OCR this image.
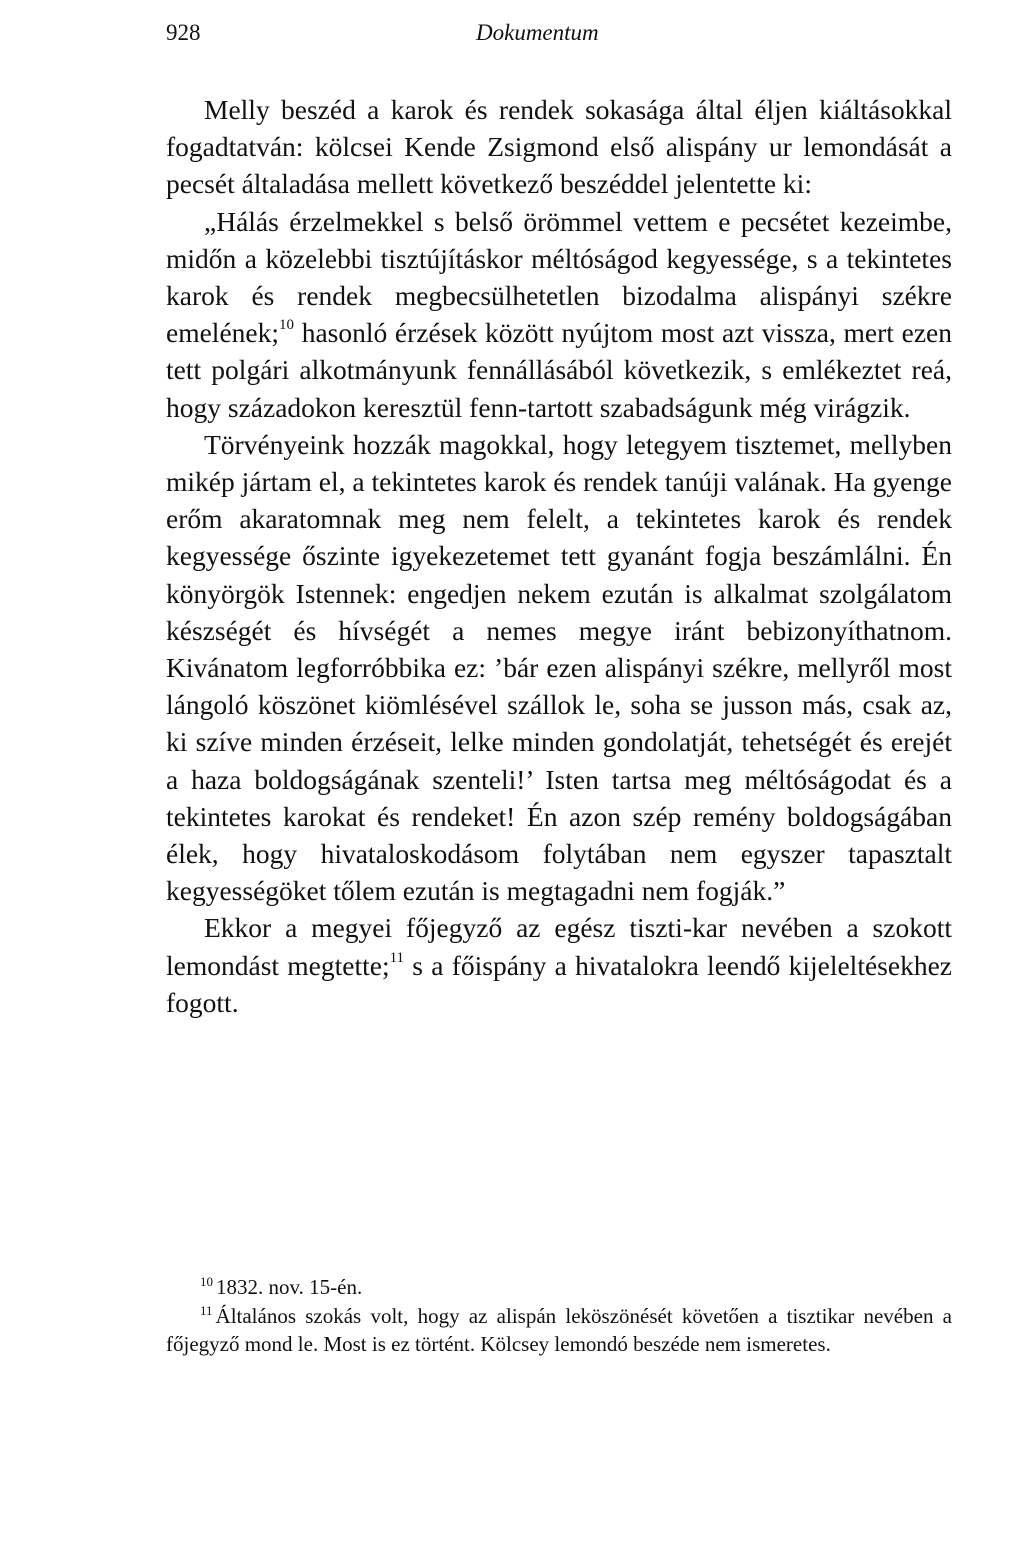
928	Dokumentum

Melly beszéd a karok és rendek sokasága által éljen kiáltásokkal fogadtatván: kölcsei Kende Zsigmond első alispány ur lemondását a pecsét általadása mellett következő beszéddel jelentette ki:

„Hálás érzelmekkel s belső örömmel vettem e pecsétet kezeimbe, midőn a közelebbi tisztújításkor méltóságod kegyessége, s a tekintetes karok és rendek megbecsülhetetlen bizodalma alispányi székre emelének;$^{10}$ hasonló érzések között nyújtom most azt vissza, mert ezen tett polgári alkotmányunk fennállásából következik, s emlékeztet reá, hogy századokon keresztül fenn-tartott szabadságunk még virágzik.

Törvényeink hozzák magokkal, hogy letegyem tisztemet, mellyben mikép jártam el, a tekintetes karok és rendek tanúji valának. Ha gyenge erőm akaratomnak meg nem felelt, a tekintetes karok és rendek kegyessége őszinte igyekezetemet tett gyanánt fogja beszámlálni. Én könyörgök Istennek: engedjen nekem ezután is alkalmat szolgálatom készségét és hívségét a nemes megye iránt bebizonyíthatnom. Kivánatom legforróbbika ez: ’bár ezen alispányi székre, mellyről most lángoló köszönet kiömlésével szállok le, soha se jusson más, csak az, ki szíve minden érzéseit, lelke minden gondolatját, tehetségét és erejét a haza boldogságának szenteli!’ Isten tartsa meg méltóságodat és a tekintetes karokat és rendeket! Én azon szép remény boldogságában élek, hogy hivataloskodásom folytában nem egyszer tapasztalt kegyességöket tőlem ezután is megtagadni nem fogják.”

Ekkor a megyei főjegyző az egész tiszti-kar nevében a szokott lemondást megtette;$^{11}$ s a főispány a hivatalokra leendő kijeleltésekhez fogott.

$^{10}$ 1832. nov. 15-én.

$^{11}$ Általános szokás volt, hogy az alispán leköszönését követően a tisztikar nevében a főjegyző mond le. Most is ez történt. Kölcsey lemondó beszéde nem ismeretes.
